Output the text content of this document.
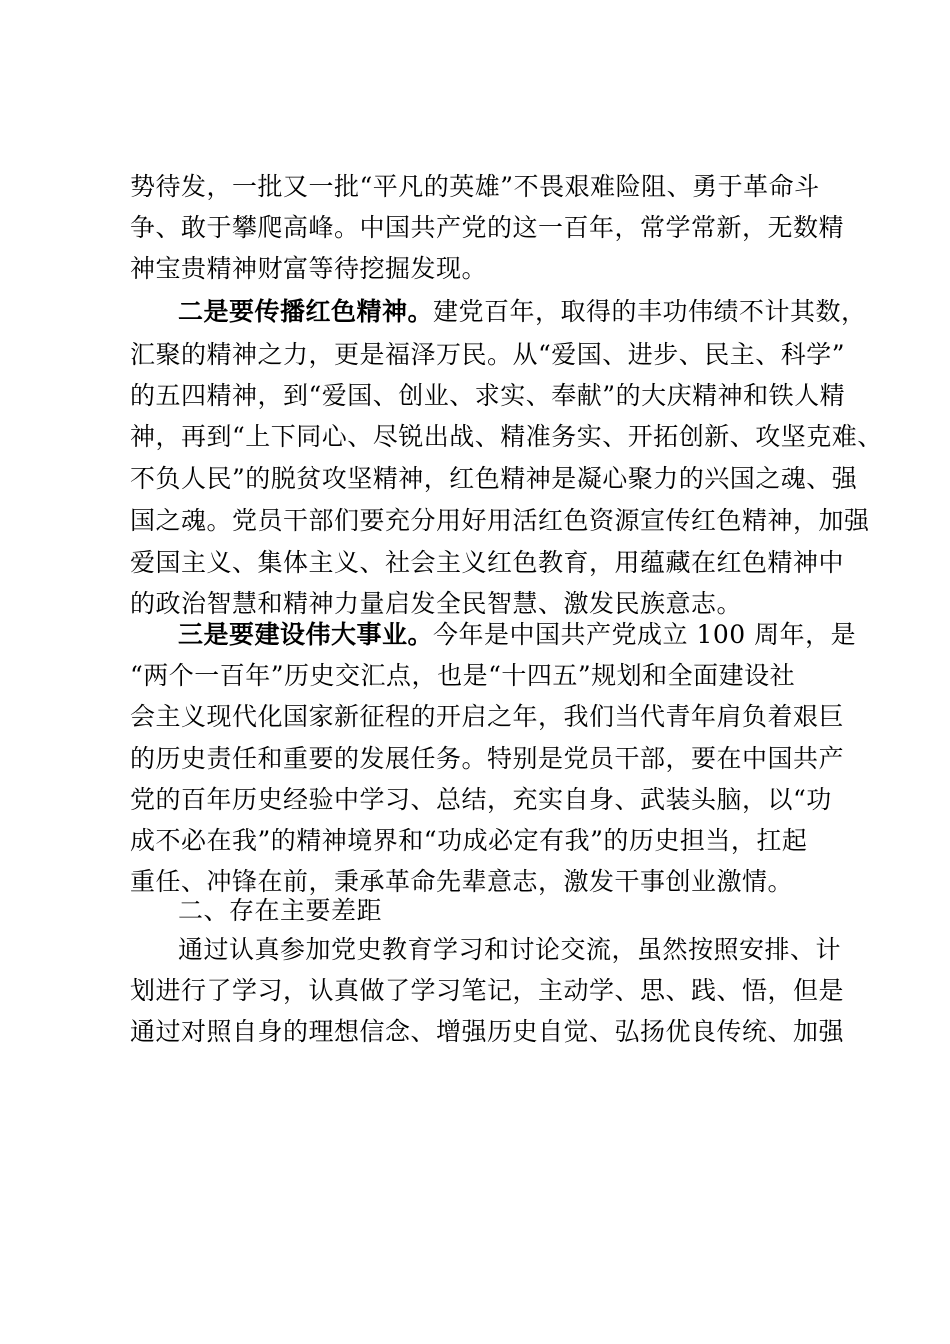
势待发，一批又一批“平凡的英雄”不畏艰难险阻、勇于革命斗
争、敢于攀爬高峰。中国共产党的这一百年，常学常新，无数精
神宝贵精神财富等待挖掘发现。
二是要传播红色精神。建党百年，取得的丰功伟绩不计其数，
汇聚的精神之力，更是福泽万民。从“爱国、进步、民主、科学”
的五四精神，到“爱国、创业、求实、奉献”的大庆精神和铁人精
神，再到“上下同心、尽锐出战、精准务实、开拓创新、攻坚克难、
不负人民”的脱贫攻坚精神，红色精神是凝心聚力的兴国之魂、强
国之魂。党员干部们要充分用好用活红色资源宣传红色精神，加强
爱国主义、集体主义、社会主义红色教育，用蕴藏在红色精神中
的政治智慧和精神力量启发全民智慧、激发民族意志。
三是要建设伟大事业。今年是中国共产党成立 100 周年，是
“两个一百年”历史交汇点，也是“十四五”规划和全面建设社
会主义现代化国家新征程的开启之年，我们当代青年肩负着艰巨
的历史责任和重要的发展任务。特别是党员干部，要在中国共产
党的百年历史经验中学习、总结，充实自身、武装头脑，以“功
成不必在我”的精神境界和“功成必定有我”的历史担当，扛起
重任、冲锋在前，秉承革命先辈意志，激发干事创业激情。
二、存在主要差距
通过认真参加党史教育学习和讨论交流，虽然按照安排、计
划进行了学习，认真做了学习笔记，主动学、思、践、悟，但是
通过对照自身的理想信念、增强历史自觉、弘扬优良传统、加强
